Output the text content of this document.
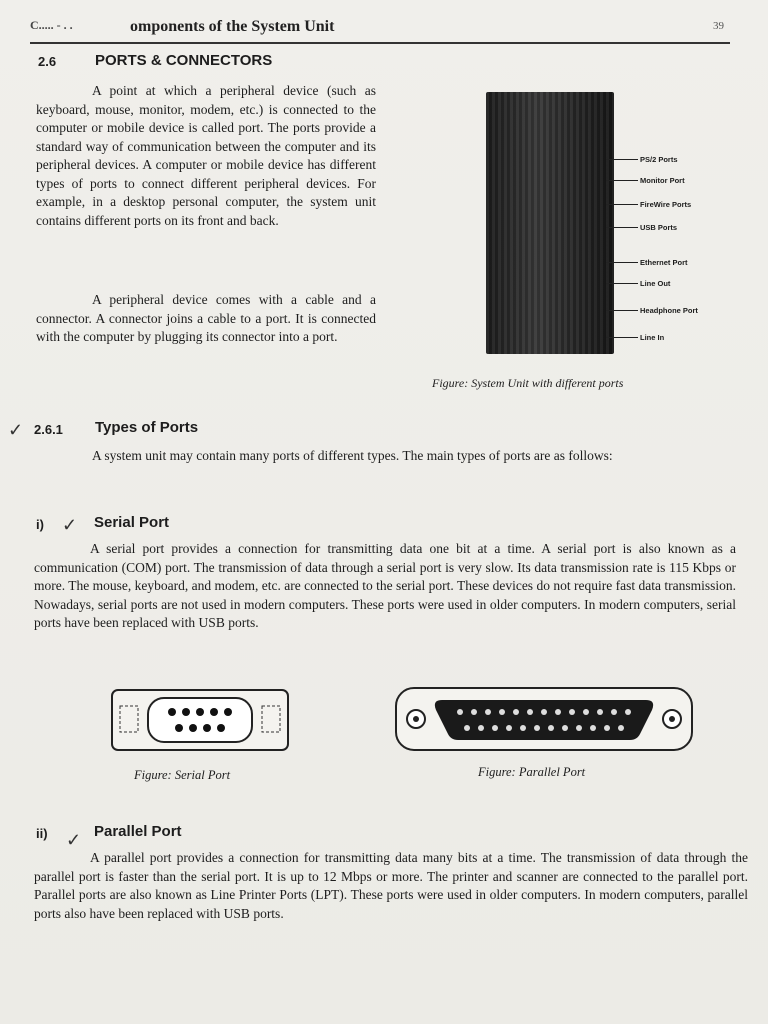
C..... - . .	omponents of the System Unit	39
2.6	PORTS & CONNECTORS
A point at which a peripheral device (such as keyboard, mouse, monitor, modem, etc.) is connected to the computer or mobile device is called port. The ports provide a standard way of communication between the computer and its peripheral devices. A computer or mobile device has different types of ports to connect different peripheral devices. For example, in a desktop personal computer, the system unit contains different ports on its front and back.
A peripheral device comes with a cable and a connector. A connector joins a cable to a port. It is connected with the computer by plugging its connector into a port.
PS/2 Ports
Monitor Port
FireWire Ports
USB Ports
Ethernet Port
Line Out
Headphone Port
Line In
Figure: System Unit with different ports
✓ 2.6.1 Types of Ports
A system unit may contain many ports of different types. The main types of ports are as follows:
i) ✓ Serial Port
A serial port provides a connection for transmitting data one bit at a time. A serial port is also known as a communication (COM) port. The transmission of data through a serial port is very slow. Its data transmission rate is 115 Kbps or more. The mouse, keyboard, and modem, etc. are connected to the serial port. These devices do not require fast data transmission. Nowadays, serial ports are not used in modern computers. These ports were used in older computers. In modern computers, serial ports have been replaced with USB ports.
Figure: Serial Port	Figure: Parallel Port
ii) ✓ Parallel Port
A parallel port provides a connection for transmitting data many bits at a time. The transmission of data through the parallel port is faster than the serial port. It is up to 12 Mbps or more. The printer and scanner are connected to the parallel port. Parallel ports are also known as Line Printer Ports (LPT). These ports were used in older computers. In modern computers, parallel ports also have been replaced with USB ports.
